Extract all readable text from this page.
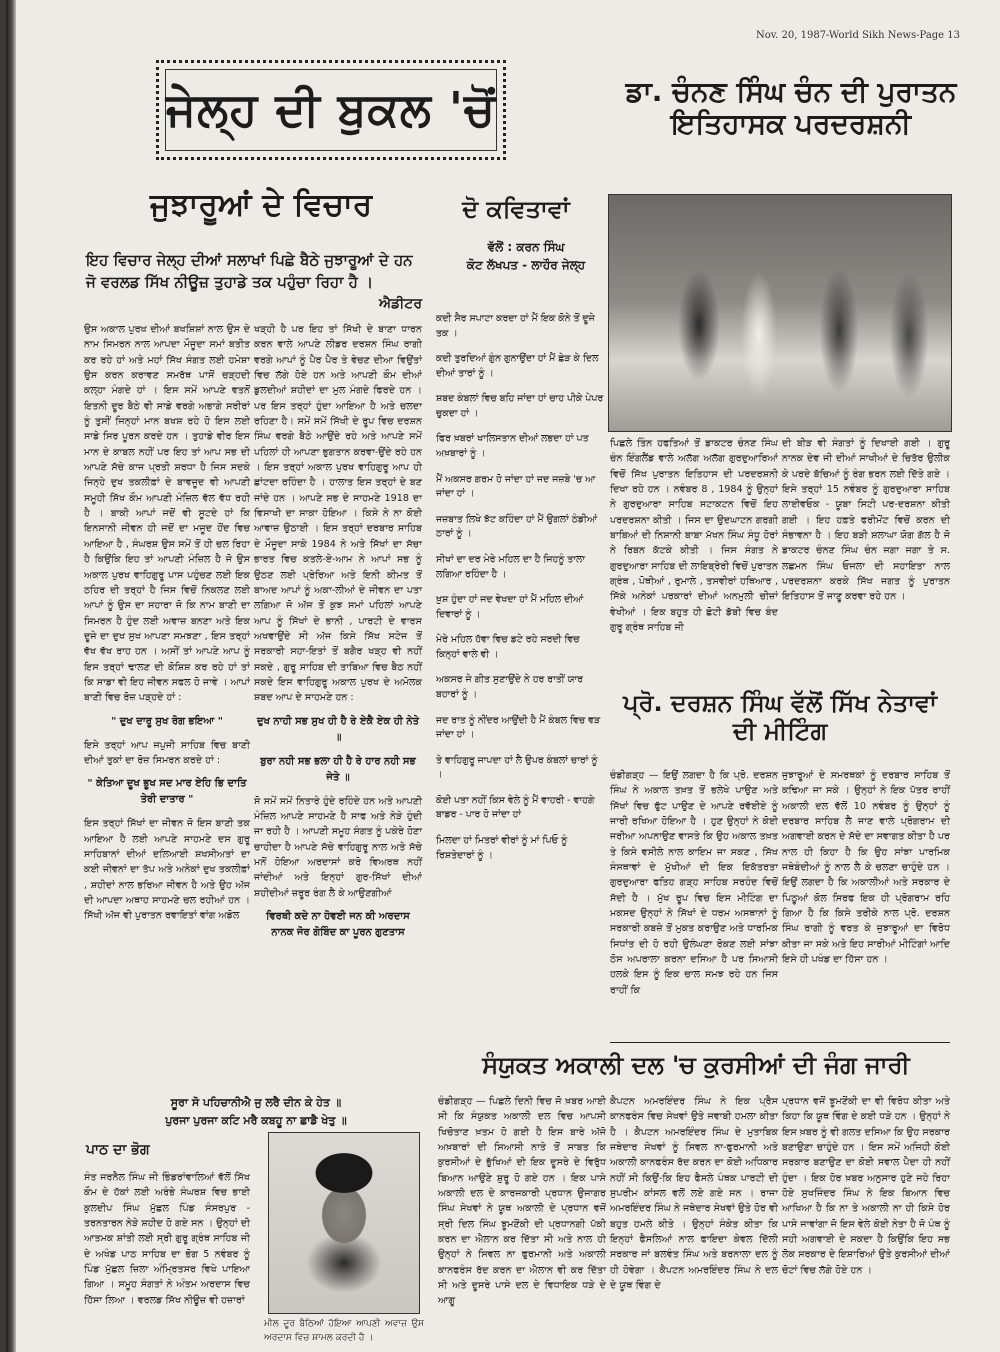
Nov. 20, 1987-World Sikh News-Page 13
ਜੇਲ੍ਹ ਦੀ ਬੁਕਲ 'ਚੋਂ	ਡਾ. ਚੰਨਣ ਸਿੰਘ ਚੰਨ ਦੀ ਪੁਰਾਤਨ ਇਤਿਹਾਸਕ ਪਰਦਰਸ਼ਨੀ
ਜੁਝਾਰੂਆਂ ਦੇ ਵਿਚਾਰ
ਇਹ ਵਿਚਾਰ ਜੇਲ੍ਹ ਦੀਆਂ ਸਲਾਖਾਂ ਪਿਛੇ ਬੈਠੇ ਜੁਝਾਰੂਆਂ ਦੇ ਹਨ ਜੋ ਵਰਲਡ ਸਿੱਖ ਨੀਊਜ਼ ਤੁਹਾਡੇ ਤਕ ਪਹੁੰਚਾ ਰਿਹਾ ਹੈ ।
ਐਡੀਟਰ
ਉਸ ਅਕਾਲ ਪੁਰਖ ਦੀਆਂ ਬਖਸ਼ਿਸ਼ਾਂ ਨਾਲ ਉਸ ਦੇ ਨਾਮ ਸਿਮਰਨ ਨਾਲ ਆਪਦਾ ਮੌਜੂਦਾ ਸਮਾਂ ਬਤੀਤ ਕਰ ਰਹੇ ਹਾਂ ਅਤੇ ਮਹਾਂ ਸਿੱਖ ਸੰਗਤ ਲਈ ਹਮੇਸ਼ਾ ਉਸ ਕਰਨ ਕਰਾਵਣ ਸਮਰੱਥ ਪਾਸੋਂ ਚੜ੍ਹਦੀ ਕਲ੍ਹਾ ਮੰਗਦੇ ਹਾਂ । ਇਸ ਸਮੇਂ ਆਪਣੇ ਵਤਨੋਂ ਇਤਨੀ ਦੂਰ ਬੈਠੇ ਵੀ ਸਾਡੇ ਵਰਗੇ ਅਭਾਗੇ ਸਰੀਰਾਂ ਨੂੰ ਤੁਸੀਂ ਜਿਨ੍ਹਾਂ ਮਾਨ ਬਖਸ਼ ਰਹੇ ਹੋ ਇਸ ਲਈ ਸਾਡੇ ਸਿਰ ਪੂਰਨ ਕਰਦੇ ਹਨ । ਤੁਹਾਡੇ ਵੀਰ ਇਸ ਮਾਨ ਦੇ ਕਾਬਲ ਨਹੀਂ ਪਰ ਇਹ ਤਾਂ ਆਪ ਸਭ ਦੀ ਆਪਣੇ ਸੱਚੇ ਕਾਜ ਪ੍ਰਤੀ ਸ਼ਰਧਾ ਹੈ ਜਿਸ ਸਦਕੇ ਜਿਨ੍ਹੇ ਦੁਖ ਤਕਲੀਫ਼ਾਂ ਦੇ ਬਾਵਜੂਦ ਵੀ ਆਪਣੀ ਸਮੂਹੀ ਸਿੱਖ ਕੌਮ ਆਪਣੀ ਮੰਜ਼ਿਲ ਵੱਲ ਵੱਧ ਰਹੀ ਹੈ । ਬਾਕੀ ਆਪਾਂ ਜਦੋਂ ਵੀ ਸੂਟਦੇ ਹਾਂ ਕਿ ਇਨਸਾਨੀ ਜੀਵਨ ਹੀ ਜਦੋਂ ਦਾ ਮਜੂਦ ਹੋਂਦ ਵਿਚ ਆਇਆ ਹੈ , ਸੰਘਰਸ਼ ਉਸ ਸਮੇਂ ਤੋਂ ਹੀ ਚਲ ਰਿਹਾ ਹੈ ਕਿਉਂਕਿ ਇਹ ਤਾਂ ਆਪਣੀ ਮੰਜ਼ਿਲ ਹੈ ਜੋ ਉਸ ਅਕਾਲ ਪੁਰਖ ਵਾਹਿਗੁਰੂ ਪਾਸ ਪਹੁੰਚਣ ਲਈ ਇਕ ਠਹਿਰ ਦੀ ਤਰ੍ਹਾਂ ਹੈ ਜਿਸ ਵਿਚੋਂ ਨਿਕਲਣ ਲਈ ਆਪਾਂ ਨੂੰ ਉਸ ਦਾ ਸਹਾਰਾ ਜੋ ਕਿ ਨਾਮ ਬਾਣੀ ਦਾ ਸਿਮਰਨ ਹੈ ਹੁੰਦ ਲਈ ਅਵਾਜ਼ ਬਨਣਾ ਅਤੇ ਇਕ ਦੂਜੇ ਦਾ ਦੁਖ ਸੁਖ ਆਪਣਾ ਸਮਝਣਾ , ਇਸ ਤਰ੍ਹਾਂ ਵੱਖ ਵੱਖ ਰਾਹ ਹਨ । ਅਸੀਂ ਤਾਂ ਆਪਣੇ ਆਪ ਨੂੰ ਇਸ ਤਰ੍ਹਾਂ ਢਾਲਣ ਦੀ ਕੋਸ਼ਿਸ਼ ਕਰ ਰਹੇ ਹਾਂ ਤਾਂ ਕਿ ਸਾਡਾ ਵੀ ਇਹ ਜੀਵਨ ਸਫਲ ਹੋ ਜਾਵੇ । ਆਪਾਂ ਬਾਣੀ ਵਿਚ ਰੋਜ਼ ਪੜ੍ਹਦੇ ਹਾਂ :
" ਦੁਖ ਦਾਰੂ ਸੁਖ ਰੋਗ ਭਇਆ "
ਇਸੇ ਤਰ੍ਹਾਂ ਆਪ ਜਪੁਜੀ ਸਾਹਿਬ ਵਿਚ ਬਾਣੀ ਦੀਆਂ ਤੁਕਾਂ ਦਾ ਰੋਜ਼ ਸਿਮਰਨ ਕਰਦੇ ਹਾਂ :
" ਕੇਤਿਆ ਦੂਖ ਭੂਖ ਸਦ ਮਾਰ ਏਹਿ ਭਿ ਦਾਤਿ ਤੇਰੀ ਦਾਤਾਰ "
ਇਸ ਤਰ੍ਹਾਂ ਸਿੱਖਾਂ ਦਾ ਜੀਵਨ ਜੋ ਇਸ ਬਾਣੀ ਤਕ ਆਇਆ ਹੈ ਲਈ ਆਪਣੇ ਸਾਹਮਣੇ ਦਸ ਗੁਰੂ ਸਾਹਿਬਾਨਾਂ ਦੀਆਂ ਦਲਿਆਈ ਸ਼ਖਸੀਅਤਾਂ ਦਾ ਕਈ ਜੀਵਨਾਂ ਦਾ ਤੱਪ ਅਤੇ ਅਨੇਕਾਂ ਦੁਖ ਤਕਲੀਫ਼ਾਂ , ਸ਼ਹੀਦਾਂ ਨਾਲ ਭਰਿਆ ਜੀਵਨ ਹੈ ਅਤੇ ਉਹ ਅੱਜ ਦੀ ਆਪਦਾ ਅਥਾਹ ਸਾਹਮਣੇ ਚਲ ਰਹੀਆਂ ਹਨ । ਸਿੱਖੀ ਅੱਜ ਵੀ ਪੁਰਾਤਨ ਰਵਾਇਤਾਂ ਵਾਂਗ ਅਡੋਲ
ਖੜ੍ਹੀ ਹੈ ਪਰ ਇਹ ਤਾਂ ਸਿੱਖੀ ਦੇ ਬਾਣਾ ਧਾਰਨ ਕਰਨ ਵਾਲੇ ਆਪਣੇ ਲੀਡਰ ਦਰਸ਼ਨ ਸਿੰਘ ਰਾਗੀ ਵਰਗੇ ਆਪਾਂ ਨੂੰ ਪੈਰ ਪੈਰ ਤੇ ਵੇਚਣ ਦੀਆ ਵਿਉਂਤਾਂ ਵਿਚ ਲੱਗੇ ਹੋਏ ਹਨ ਅਤੇ ਆਪਣੀ ਕੌਮ ਦੀਆਂ ਡੁਲਦੀਆਂ ਸ਼ਹੀਦਾਂ ਦਾ ਮੁਲ ਮੰਗਦੇ ਫਿਰਦੇ ਹਨ । ਪਰ ਇਸ ਤਰ੍ਹਾਂ ਹੁੰਦਾ ਆਇਆ ਹੈ ਅਤੇ ਚਲਦਾ ਰਹਿਣਾ ਹੈ। ਸਮੇਂ ਸਮੇਂ ਸਿੱਖੀ ਦੇ ਰੂਪ ਵਿਚ ਦਰਸ਼ਨ ਸਿੰਘ ਵਰਗੇ ਬੈਠੇ ਆਉਂਦੇ ਰਹੇ ਅਤੇ ਆਪਣੇ ਸਮੇਂ ਪਹਿਲਾਂ ਹੀ ਆਪਣਾ ਭੁਗਤਾਨ ਕਰਵਾ-ਉਂਦੇ ਰਹੇ ਹਨ । ਇਸ ਤਰ੍ਹਾਂ ਅਕਾਲ ਪੁਰਖ ਵਾਹਿਗੁਰੂ ਆਪ ਹੀ ਛਾਂਟਦਾ ਰਹਿੰਦਾ ਹੈ । ਹਾਲਾਤ ਇਸ ਤਰ੍ਹਾਂ ਦੇ ਬਣ ਜਾਂਦੇ ਹਨ । ਆਪਣੇ ਸਭ ਦੇ ਸਾਹਮਣੇ 1918 ਦਾ ਵਿਸਾਖੀ ਦਾ ਸਾਕਾ ਹੋਇਆ । ਕਿਸੇ ਨੇ ਨਾ ਕੋਈ ਆਵਾਜ਼ ਉਠਾਈ । ਇਸ ਤਰ੍ਹਾਂ ਦਰਬਾਰ ਸਾਹਿਬ ਦੇ ਮੌਜੂਦਾ ਸਾਕੇ 1984 ਨੇ ਅਤੇ ਸਿੱਖਾਂ ਦਾ ਸੱਚਾ ਭਾਰਤ ਵਿਚ ਕਤਲੇ-ਏ-ਆਮ ਨੇ ਆਪਾਂ ਸਭ ਨੂੰ ਉਠਣ ਲਈ ਪ੍ਰੇਰਿਆ ਅਤੇ ਇਨੀ ਕੀਮਤ ਤੋਂ ਬਾਅਦ ਆਪਾਂ ਨੂੰ ਅਕਾ-ਲੀਆਂ ਦੇ ਜੀਵਨ ਦਾ ਪਤਾ ਲਗਿਆ ਜੋ ਅੱਜ ਤੋਂ ਕੁਝ ਸਮਾਂ ਪਹਿਲਾਂ ਆਪਣੇ ਆਪ ਨੂੰ ਸਿੱਖਾਂ ਦੇ ਭਾਨੀ , ਪਾਰਟੀ ਦੇ ਵਾਰਸ ਅਖਵਾਉਂਦੇ ਸੀ ਅੱਜ ਕਿਸੇ ਸਿੱਖ ਸਟੇਜ ਤੋਂ ਸਰਕਾਰੀ ਸਹਾ-ਇਤਾਂ ਤੋਂ ਬਗੈਰ ਖੜ੍ਹ ਵੀ ਨਹੀਂ ਸਕਦੇ , ਗੁਰੂ ਸਾਹਿਬ ਦੀ ਤਾਬਿਆ ਵਿਚ ਬੈਠ ਨਹੀਂ ਸਕਦੇ ਇਸ ਵਾਹਿਗੁਰੂ ਅਕਾਲ ਪੁਰਖ ਦੇ ਅਮੋਲਕ ਸ਼ਬਦ ਆਪ ਦੇ ਸਾਹਮਣੇ ਹਨ :
ਦੁਖ ਨਾਹੀ ਸਭ ਸੁਖ ਹੀ ਹੈ ਰੇ ਏਕੈ ਏਕ ਹੀ ਨੇਤੇ ॥
ਬੁਰਾ ਨਹੀ ਸਭ ਭਲਾ ਹੀ ਹੈ ਰੇ ਹਾਰ ਨਹੀ ਸਭ ਜੇਤੇ ॥
ਸੋ ਸਮੇਂ ਸਮੇਂ ਨਿਤਾਰੇ ਹੁੰਦੇ ਰਹਿੰਦੇ ਹਨ ਅਤੇ ਆਪਣੀ ਮੰਜ਼ਿਲ ਆਪਣੇ ਸਾਹਮਣੇ ਹੈ ਸਾਫ ਅਤੇ ਨੇੜੇ ਹੁੰਦੀ ਜਾ ਰਹੀ ਹੈ । ਆਪਣੀ ਸਮੂਹ ਸੰਗਤ ਨੂੰ ਪਕੇਰੇ ਹੋਣਾ ਚਾਹੀਦਾ ਹੈ ਆਪਣੇ ਸੱਚੇ ਵਾਹਿਗੁਰੂ ਨਾਲ ਅਤੇ ਸੱਚੇ ਮਨੋਂ ਹੋਇਆ ਅਰਦਾਸਾਂ ਕਰੋ ਵਿਅਰਥ ਨਹੀਂ ਜਾਂਦੀਆਂ ਅਤੇ ਇਨ੍ਹਾਂ ਗੁਰ-ਸਿੱਖਾਂ ਦੀਆਂ ਸ਼ਹੀਦੀਆਂ ਜ਼ਰੂਰ ਰੰਗ ਲੈ ਕੇ ਆਉਣਗੀਆਂ
ਵਿਰਥੀ ਕਦੇ ਨਾ ਹੋਵਈ ਜਨ ਕੀ ਅਰਦਾਸ ਨਾਨਕ ਜੋਰ ਗੋਬਿੰਦ ਕਾ ਪੂਰਨ ਗੁਣਤਾਸ
ਦੋ ਕਵਿਤਾਵਾਂ
ਵੱਲੋਂ : ਕਰਨ ਸਿੰਘ
ਕੋਟ ਲੱਖਪਤ - ਲਾਹੌਰ ਜੇਲ੍ਹ

ਕਦੀ ਸੈਰ ਸਪਾਟਾ ਕਰਦਾ ਹਾਂ ਮੈਂ ਇਕ ਕੋਨੇ ਤੋਂ ਦੂਜੇ ਤਕ ।

ਕਦੀ ਤੁਰਦਿਆਂ ਗੁੰਨ ਗੁਨਾਉਂਦਾ ਹਾਂ ਮੈਂ ਛੇੜ ਕੇ ਦਿਲ ਦੀਆਂ ਤਾਰਾਂ ਨੂੰ ।

ਸ਼ਬਦ ਕੰਬਲਾਂ ਵਿਚ ਬਹਿ ਜਾਂਦਾ ਹਾਂ ਚਾਹ ਪੀਕੇ ਪੇਪਰ ਚੁਕਦਾ ਹਾਂ ।

ਫਿਰ ਖ਼ਬਰਾਂ ਖਾਲਿਸਤਾਨ ਦੀਆਂ ਲਭਦਾ ਹਾਂ ਪਤ ਅਖ਼ਬਾਰਾਂ ਨੂੰ ।

ਮੈਂ ਅਕਸਰ ਗਰਮ ਹੋ ਜਾਂਦਾ ਹਾਂ ਜਦ ਜਜ਼ਬੇ 'ਚ ਆ ਜਾਂਦਾ ਹਾਂ ।

ਜਜ਼ਬਾਤ ਲਿਖੇ ਝੱਟ ਕਹਿੰਦਾ ਹਾਂ ਮੈਂ ਉਗਲਾਂ ਠੰਡੀਆਂ ਠਾਰਾਂ ਨੂੰ ।

ਸੀਖਾਂ ਦਾ ਦਰ ਮੇਰੇ ਮਹਿਲ ਦਾ ਹੈ ਜਿਹਨੂੰ ਤਾਲਾ ਲਗਿਆ ਰਹਿੰਦਾ ਹੈ ।

ਖ਼ੁਸ਼ ਹੁੰਦਾ ਹਾਂ ਜਦ ਵੇਖਦਾ ਹਾਂ ਮੈਂ ਮਹਿਲ ਦੀਆਂ ਦਿਵਾਰਾਂ ਨੂੰ ।

ਮੇਰੇ ਮਹਿਲ ਹੱਵਾ ਵਿਚ ਡਟੇ ਰਹੇ ਸਰਦੀ ਵਿਚ ਕਿਨ੍ਹਾਂ ਵਾਲੇ ਵੀ ।

ਅਕਸਰ ਜੇ ਗੀਤ ਸੁਣਾਉਂਦੇ ਨੇ ਹਰ ਰਾਤੀਂ ਯਾਰ ਬਹਾਰਾਂ ਨੂੰ ।

ਜਦ ਰਾਤ ਨੂੰ ਨੀਂਦਰ ਆਉਂਦੀ ਹੈ ਮੈਂ ਕੰਬਲ ਵਿਚ ਵੜ ਜਾਂਦਾ ਹਾਂ ।

ਤੇ ਵਾਹਿਗੁਰੂ ਜਾਪਦਾ ਹਾਂ ਲੈ ਉਪਰ ਕੰਬਲਾਂ ਚਾਰਾਂ ਨੂੰ ।

ਕੋਈ ਪਤਾ ਨਹੀਂ ਕਿਸ ਵੇਲੇ ਨੂੰ ਮੈਂ ਵਾਹਰੀ - ਵਾਹਗੇ ਬਾਡਰ - ਪਾਰ ਹੋ ਜਾਂਦਾ ਹਾਂ

ਮਿਲਦਾ ਹਾਂ ਮਿਤਰਾਂ ਵੀਰਾਂ ਨੂੰ ਮਾਂ ਪਿਓ ਨੂੰ ਰਿਸ਼ਤੇਦਾਰਾਂ ਨੂੰ ।

ਪਿਛਲੇ ਤਿੰਨ ਹਫਤਿਆਂ ਤੋਂ ਡਾਕਟਰ ਚੰਨਣ ਸਿੰਘ ਚੰਨ ਇੰਗਲੈਂਡ ਵਾਲੇ ਅਲੱਗ ਅਲੱਗ ਗੁਰਦੁਆਰਿਆਂ ਵਿਚੋਂ ਸਿੱਖ ਪੁਰਾਤਨ ਇਤਿਹਾਸ ਦੀ ਪਰਦਰਸ਼ਨੀ ਦਿਖਾ ਰਹੇ ਹਨ । ਨਵੰਬਰ 8 , 1984 ਨੂੰ ਉਨ੍ਹਾਂ ਨੇ ਗੁਰਦੁਆਰਾ ਸਾਹਿਬ ਸਟਾਕਟਨ ਵਿਚੋਂ ਇਹ ਪਰਦਰਸ਼ਨਾ ਕੀਤੀ । ਜਿਸ ਦਾ ਉਦਘਾਟਨ ਗਰਗੀ ਬਾਬਿਆਂ ਦੀ ਨਿਸ਼ਾਨੀ ਬਾਬਾ ਮੱਖਨ ਸਿੰਘ ਸੰਧੂ ਹੋਰਾਂ ਨੇ ਰਿਬਨ ਕੱਟਕੇ ਕੀਤੀ । ਜਿਸ ਸੰਗਤ ਨੇ ਗੁਰਦੁਆਰਾ ਸਾਹਿਬ ਦੀ ਲਾਇਬ੍ਰੇਰੀ ਵਿਚੋਂ ਪੁਰਾਤਨ ਗ੍ਰੰਥ , ਪੋਥੀਆਂ , ਰੁਮਾਲੇ , ਤਸਵੀਰਾਂ ਹਥਿਆਰ , ਸਿੱਕੇ ਅਨੇਕਾਂ ਪਰਕਾਰਾਂ ਦੀਆਂ ਅਨਮੁਲੀ ਚੀਜ਼ਾਂ ਵੇਖੀਆਂ । ਇਕ ਬਹੁਤ ਹੀ ਛੋਟੀ ਡੱਬੀ ਵਿਚ ਬੰਦ ਗੁਰੂ ਗ੍ਰੰਥ ਸਾਹਿਬ ਜੀ
ਦੀ ਬੀੜ ਵੀ ਸੰਗਤਾਂ ਨੂੰ ਦਿਖਾਈ ਗਈ । ਗੁਰੂ ਨਾਨਕ ਦੇਵ ਜੀ ਦੀਆਂ ਸਾਖੀਆਂ ਦੇ ਚਿਤੱਰ ਉਲੀਕ ਕੇ ਪਰਦੇ ਬੱਚਿਆਂ ਨੂੰ ਰੰਗ ਭਰਨ ਲਈ ਦਿੱਤੇ ਗਏ । ਇਸੇ ਤਰ੍ਹਾਂ 15 ਨਵੰਬਰ ਨੂੰ ਗੁਰਦੁਆਰਾ ਸਾਹਿਬ ਲਾਈਵਓਕ - ਯੂਬਾ ਸਿਟੀ ਪਰ-ਦਰਸ਼ਨਾ ਕੀਤੀ ਗਈ । ਇਹ ਹਫ਼ਤੇ ਫਰੀਮੋਂਟ ਵਿਚੋਂ ਕਰਨ ਦੀ ਸੰਭਾਵਨਾ ਹੈ । ਇਹ ਬੜੀ ਸ਼ਲਾਘਾ ਯੋਗ ਗੱਲ ਹੈ ਜੋ ਡਾਕਟਰ ਚੰਨਣ ਸਿੰਘ ਚੰਨ ਜਗਾ ਜਗਾ ਤੇ ਸ. ਲਛਮਨ ਸਿੰਘ ਓਜਲਾ ਦੀ ਸਹਾਇਤਾ ਨਾਲ ਪਰਦਰਸ਼ਨਾ ਕਰਕੇ ਸਿੱਖ ਜਗਤ ਨੂੰ ਪੁਰਾਤਨ ਇਤਿਹਾਸ ਤੋਂ ਜਾਣੂ ਕਰਵਾ ਰਹੇ ਹਨ ।
ਪ੍ਰੋ. ਦਰਸ਼ਨ ਸਿੰਘ ਵੱਲੋਂ ਸਿੱਖ ਨੇਤਾਵਾਂ ਦੀ ਮੀਟਿੰਗ
ਚੰਡੀਗੜ੍ਹ — ਇਉਂ ਲਗਦਾ ਹੈ ਕਿ ਪ੍ਰੋ. ਦਰਸ਼ਨ ਸਿੰਘ ਨੇ ਅਕਾਲ ਤਖ਼ਤ ਤੋਂ ਭਲੇਖੇ ਪਾਉਣ ਅਤੇ ਸਿੱਖਾਂ ਵਿਚ ਫੁੱਟ ਪਾਉਣ ਦੇ ਆਪਣੇ ਰਵੱਈਏ ਨੂੰ ਜਾਰੀ ਰਖਿਆ ਹੋਇਆ ਹੈ । ਹੁਣ ਉਨ੍ਹਾਂ ਨੇ ਕੋਈ ਜਰੀਆ ਅਪਨਾਉਣ ਵਾਸਤੇ ਕਿ ਉਹ ਅਕਾਲ ਤਖ਼ਤ ਤੇ ਕਿਸੇ ਵਸੀਲੇ ਨਾਲ ਕਾਇਮ ਜਾ ਸਕਣ , ਸਿੱਖ ਸੰਸਥਾਵਾਂ ਦੇ ਮੁੱਖੀਆਂ ਦੀ ਇਕ ਇਕੱਤਰਤਾ ਗੁਰਦੁਆਰਾ ਫਤਿਹ ਗੜ੍ਹ ਸਾਹਿਬ ਸਰਹੰਦ ਵਿਚੋਂ ਸੱਦੀ ਹੈ । ਮੁੱਖ ਰੂਪ ਵਿਚ ਇਸ ਮੀਟਿੰਗ ਦਾ ਮਕਸਦ ਉਨ੍ਹਾਂ ਨੇ ਸਿੱਖਾਂ ਦੇ ਧਰਮ ਅਸਥਾਨਾਂ ਨੂੰ ਸਰਕਾਰੀ ਕਬਜ਼ੇ ਤੋਂ ਮੁਕਤ ਕਰਾਉਣ ਅਤੇ ਧਾਰਮਿਕ ਸਿਧਾਂਤ ਦੀ ਹੋ ਰਹੀ ਉਲੰਘਣਾ ਰੋਕਣ ਲਈ ਸਾਂਝਾ ਠੋਸ ਅਪਰਾਲਾ ਕਰਨਾ ਦਸਿਆ ਹੈ ਪਰ ਸਿਆਸੀ ਹਲਕੇ ਇਸ ਨੂੰ ਇਕ ਚਾਲ ਸਮਝ ਰਹੇ ਹਨ ਜਿਸ ਰਾਹੀਂ ਕਿ
ਜੁਝਾਰੂਆਂ ਦੇ ਸਮਰਥਕਾਂ ਨੂੰ ਦਰਬਾਰ ਸਾਹਿਬ ਤੋਂ ਕਢਿਆ ਜਾ ਸਕੇ । ਉਨ੍ਹਾਂ ਨੇ ਇਕ ਪੱਤਰ ਰਾਹੀਂ ਅਕਾਲੀ ਦਲ ਵੱਲੋਂ 10 ਨਵੰਬਰ ਨੂੰ ਉਨ੍ਹਾਂ ਨੂੰ ਦਰਬਾਰ ਸਾਹਿਬ ਲੈ ਜਾਣ ਵਾਲੇ ਪ੍ਰੋਗਰਾਮ ਦੀ ਅਗਵਾਈ ਕਰਨ ਦੇ ਸੱਦੇ ਦਾ ਸਵਾਗਤ ਕੀਤਾ ਹੈ ਪਰ ਨਾਲ ਹੀ ਕਿਹਾ ਹੈ ਕਿ ਉਹ ਸਾਂਝਾ ਪਾਰਮਿਕ ਜਥੇਬੰਦੀਆਂ ਨੂੰ ਨਾਲ ਲੈ ਕੇ ਚਲਣਾ ਚਾਹੁੰਦੇ ਹਨ । ਇਉਂ ਲਗਦਾ ਹੈ ਕਿ ਅਕਾਲੀਆਂ ਅਤੇ ਸਰਕਾਰ ਦੇ ਪਿਠੂਆਂ ਕੋਲ ਸਿਰਫ ਇਕ ਹੀ ਪ੍ਰੋਗਰਾਮ ਰਹਿ ਗਿਆ ਹੈ ਕਿ ਕਿਸੇ ਤਰੀਕੇ ਨਾਲ ਪ੍ਰੋ. ਦਰਸ਼ਨ ਸਿੰਘ ਰਾਗੀ ਨੂੰ ਵਰਤ ਕੇ ਜੁਝਾਰੂਆਂ ਦਾ ਵਿਰੋਧ ਕੀਤਾ ਜਾ ਸਕੇ ਅਤੇ ਇਹ ਸਾਰੀਆਂ ਮੀਟਿੰਗਾਂ ਆਦਿ ਇਸੇ ਹੀ ਪਖੰਡ ਦਾ ਹਿੱਸਾ ਹਨ ।
ਸੰਯੁਕਤ ਅਕਾਲੀ ਦਲ 'ਚ ਕੁਰਸੀਆਂ ਦੀ ਜੰਗ ਜਾਰੀ
ਚੰਡੀਗੜ੍ਹ — ਪਿਛਲੇ ਦਿਨੀ ਵਿਚ ਜੋ ਖ਼ਬਰ ਆਈ ਸੀ ਕਿ ਸੰਯੁਕਤ ਅਕਾਲੀ ਦਲ ਵਿਚ ਆਪਸੀ ਖਿਚੋਤਾਣ ਖ਼ਤਮ ਹੋ ਗਈ ਹੈ ਇਸ ਬਾਰੇ ਅੱਜੋ ਅਖ਼ਬਾਰਾਂ ਦੀ ਸਿਆਸੀ ਨਾਤੇ ਤੋਂ ਸਾਬਤ ਕਿ ਕੁਰਸੀਆਂ ਦੇ ਭੁੱਖਿਆਂ ਦੀ ਇਕ ਦੂਸਰੇ ਦੇ ਵਿਰੁੱਧ ਬਿਆਨ ਆਉਣੇ ਸ਼ੁਰੂ ਹੋ ਗਏ ਹਨ । ਇਕ ਪਾਸੇ ਅਕਾਲੀ ਦਲ ਦੇ ਕਾਰਜਕਾਰੀ ਪ੍ਰਧਾਨ ਉਜਾਗਰ ਸਿੰਘ ਸੇਖਵਾਂ ਨੇ ਯੂਥ ਅਕਾਲੀ ਦੇ ਪ੍ਰਧਾਨ ਵਜੋਂ ਸ੍ਰੀ ਦਿਲ ਸਿੰਘ ਝੂਮਣੋਂਕੀ ਦੀ ਪ੍ਰਧਾਨਗੀ ਪੱਕੀ ਕਰਨ ਦਾ ਐਲਾਨ ਕਰ ਦਿੱਤਾ ਸੀ ਅਤੇ ਨਾਲ ਹੀ ਉਨ੍ਹਾਂ ਨੇ ਸਿਵਲ ਨਾ ਫੁਰਮਾਨੀ ਅਤੇ ਅਕਾਲੀ ਕਾਨਫਰੰਸ ਰੱਦ ਕਰਨ ਦਾ ਐਲਾਨ ਵੀ ਕਰ ਦਿੱਤਾ ਸੀ ਅਤੇ ਦੂਸਰੇ ਪਾਸੇ ਦਲ ਦੇ ਵਿਧਾਇਕ ਧੜੇ ਦੇ ਆਗੂ
ਕੈਪਟਨ ਅਮਰਇੰਦਰ ਸਿੰਘ ਨੇ ਇਕ ਪ੍ਰੈਸ ਕਾਨਫਰੰਸ ਵਿਚ ਸੇਖਵਾਂ ਉਤੇ ਜਵਾਬੀ ਹਮਲਾ ਕੀਤਾ ਹੈ । ਕੈਪਟਨ ਅਮਰਇੰਦਰ ਸਿੰਘ ਦੇ ਮੁਤਾਬਿਕ ਜਥੇਦਾਰ ਸੇਖਵਾਂ ਨੂੰ ਸਿਵਲ ਨਾ-ਫੁਰਮਾਨੀ ਅਤੇ ਅਕਾਲੀ ਕਾਨਫਰੰਸ ਰੱਦ ਕਰਨ ਦਾ ਕੋਈ ਅਧਿਕਾਰ ਨਹੀਂ ਸੀ ਕਿਉਂ-ਕਿ ਇਹ ਫੈਸਲੇ ਪੰਥਕ ਪਾਰਟੀ ਦੀ ਸੁਪਰੀਮ ਕਾਂਸਲ ਵਲੋਂ ਲਏ ਗਏ ਸਨ । ਰਾਜਾ ਅਮਰਇੰਦਰ ਸਿੰਘ ਨੇ ਜਥੇਦਾਰ ਸੇਖਵਾਂ ਉਤੇ ਹੋਰ ਵੀ ਬਹੁਤ ਹਮਲੇ ਕੀਤੇ । ਉਨ੍ਹਾਂ ਸੰਕੇਤ ਕੀਤਾ ਕਿ ਇਨ੍ਹਾਂ ਫੈਸਲਿਆਂ ਨਾਲ ਫਾਇਦਾ ਕੇਵਲ ਦਿੱਲੀ ਸਰਕਾਰ ਜਾਂ ਬਲਵੰਤ ਸਿੰਘ ਅਤੇ ਬਰਨਾਲਾ ਦਲ ਨੂੰ ਹੀ ਹੋਵੇਗਾ । ਕੈਪਟਨ ਅਮਰਇੰਦਰ ਸਿੰਘ ਨੇ ਦਲ ਦੇ ਯੂਥ ਵਿੰਗ ਦੇ
ਪ੍ਰਧਾਨ ਵਜੋਂ ਝੂਮਣੋਂਕੀ ਦਾ ਵੀ ਵਿਰੋਧ ਕੀਤਾ ਅਤੇ ਕਿਹਾ ਕਿ ਯੂਥ ਵਿੰਗ ਦੇ ਕਈ ਧੜੇ ਹਨ । ਉਨ੍ਹਾਂ ਨੇ ਇਸ ਖ਼ਬਰ ਨੂੰ ਵੀ ਗਲਤ ਦਸਿਆ ਕਿ ਉਹ ਸਰਕਾਰ ਬਣਾਉਣਾ ਚਾਹੁੰਦੇ ਹਨ । ਇਸ ਸਮੇਂ ਅਜਿਹੀ ਕੋਈ ਸਰਕਾਰ ਬਣਾਉਣ ਦਾ ਕੋਈ ਸਵਾਲ ਪੈਦਾ ਹੀ ਨਹੀਂ ਹੁੰਦਾ । ਇਕ ਹੋਰ ਖ਼ਬਰ ਅਨੁਸਾਰ ਹੁਣੇ ਜਹੇ ਰਿਹਾ ਹੋਏ ਸੁਖਜਿੰਦਰ ਸਿੰਘ ਨੇ ਇਕ ਬਿਆਨ ਵਿਚ ਆਖਿਆ ਹੈ ਕਿ ਨਾ ਤੇ ਅਕਾਲੀ ਨਾ ਹੀ ਕਿਸੇ ਹੋਰ ਪਾਸੇ ਜਾਵਾਂਗਾ ਜੋ ਇਸ ਵੇਲੇ ਕੋਈ ਨੇਤਾ ਹੈ ਜੋ ਪੰਥ ਨੂੰ ਸਹੀ ਅਗਵਾਈ ਦੇ ਸਕਦਾ ਹੈ ਕਿਉਂਕਿ ਇਹ ਸਭ ਲੋਕ ਸਰਕਾਰ ਦੇ ਇਸ਼ਾਰਿਆਂ ਉਤੇ ਕੁਰਸੀਆਂ ਦੀਆਂ ਚੋਟਾਂ ਵਿਚ ਲੱਗੇ ਹੋਏ ਹਨ ।
ਸੂਰਾ ਸੋ ਪਹਿਚਾਨੀਐ ਜੁ ਲਰੈ ਦੀਨ ਕੇ ਹੇਤ ॥
ਪੁਰਜਾ ਪੁਰਜਾ ਕਟਿ ਮਰੈ ਕਬਹੂ ਨਾ ਛਾਡੈ ਖੇਤੁ ॥
ਪਾਠ ਦਾ ਭੋਗ
ਸੰਤ ਜਰਨੈਲ ਸਿੰਘ ਜੀ ਭਿੰਡਰਾਂਵਾਲਿਆਂ ਵੱਲੋਂ ਸਿੱਖ ਕੌਮ ਦੇ ਹੱਕਾਂ ਲਈ ਅਰੰਭੇ ਸੰਘਰਸ਼ ਵਿਚ ਭਾਈ ਕੁਲਦੀਪ ਸਿੰਘ ਮੁੱਛਲ ਪਿੰਡ ਸੰਸਰਪੁਰ - ਤਰਨਤਾਰਨ ਨੇੜੇ ਸ਼ਹੀਦ ਹੋ ਗਏ ਸਨ । ਉਨ੍ਹਾਂ ਦੀ ਆਤਮਕ ਸ਼ਾਂਤੀ ਲਈ ਸ੍ਰੀ ਗੁਰੂ ਗ੍ਰੰਥ ਸਾਹਿਬ ਜੀ ਦੇ ਅਖੰਡ ਪਾਠ ਸਾਹਿਬ ਦਾ ਭੋਗ 5 ਨਵੰਬਰ ਨੂੰ ਪਿੰਡ ਮੁੱਛਲ ਜ਼ਿਲਾ ਅੰਮ੍ਰਿਤਸਰ ਵਿਖੇ ਪਾਇਆ ਗਿਆ । ਸਮੂਹ ਸੰਗਤਾਂ ਨੇ ਅੰਤਮ ਅਰਦਾਸ ਵਿਚ ਹਿੱਸਾ ਲਿਆ । ਵਰਲਡ ਸਿੱਖ ਨੀਊਜ਼ ਵੀ ਹਜ਼ਾਰਾਂ
ਮੀਲ ਦੂਰ ਬੈਠਿਆਂ ਹੋਇਆ ਆਪਣੀ ਅਵਾਜ਼ ਉਸ ਅਰਦਾਸ ਵਿਚ ਸ਼ਾਮਲ ਕਰਦੀ ਹੈ ।
